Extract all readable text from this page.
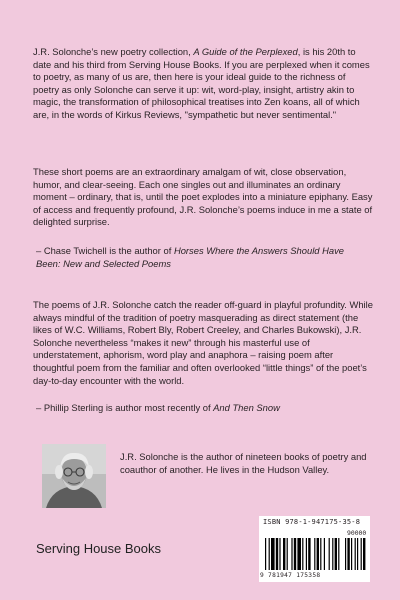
J.R. Solonche’s new poetry collection, A Guide of the Perplexed, is his 20th to date and his third from Serving House Books. If you are perplexed when it comes to poetry, as many of us are, then here is your ideal guide to the richness of poetry as only Solonche can serve it up: wit, word-play, insight, artistry akin to magic, the transformation of philosophical treatises into Zen koans, all of which are, in the words of Kirkus Reviews, "sympathetic but never sentimental."

These short poems are an extraordinary amalgam of wit, close observation, humor, and clear-seeing. Each one singles out and illuminates an ordinary moment – ordinary, that is, until the poet explodes into a miniature epiphany. Easy of access and frequently profound, J.R. Solonche’s poems induce in me a state of delighted surprise.

– Chase Twichell is the author of Horses Where the Answers Should Have Been: New and Selected Poems

The poems of J.R. Solonche catch the reader off-guard in playful profundity. While always mindful of the tradition of poetry masquerading as direct statement (the likes of W.C. Williams, Robert Bly, Robert Creeley, and Charles Bukowski), J.R. Solonche nevertheless “makes it new” through his masterful use of understatement, aphorism, word play and anaphora – raising poem after thoughtful poem from the familiar and often overlooked “little things” of the poet’s day-to-day encounter with the world.

– Phillip Sterling is author most recently of And Then Snow

J.R. Solonche is the author of nineteen books of poetry and coauthor of another. He lives in the Hudson Valley.

Serving House Books

ISBN 978-1-947175-35-8
90000
9 781947 175358
